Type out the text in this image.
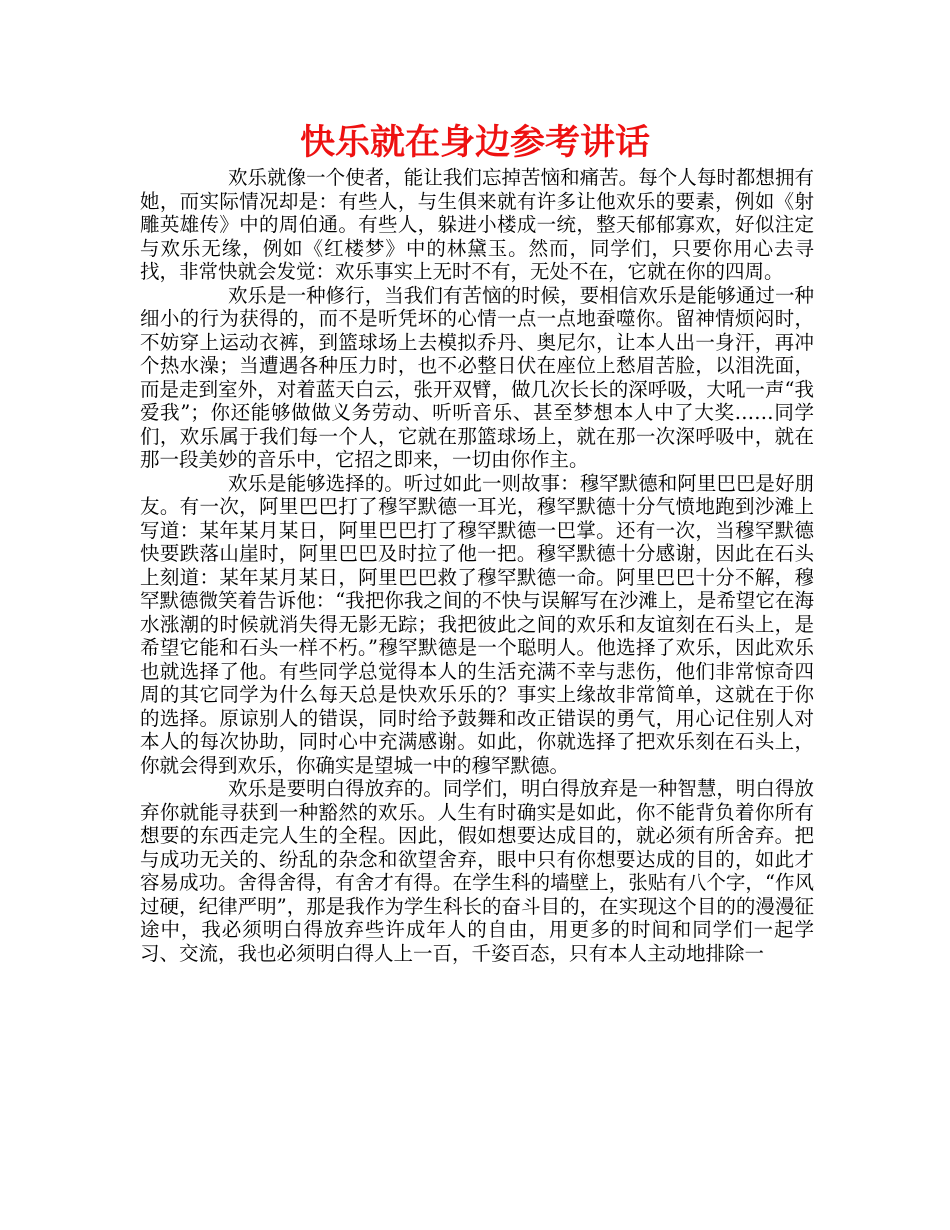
快乐就在身边参考讲话

欢乐就像一个使者，能让我们忘掉苦恼和痛苦。每个人每时都想拥有她，而实际情况却是：有些人，与生俱来就有许多让他欢乐的要素，例如《射雕英雄传》中的周伯通。有些人，躲进小楼成一统，整天郁郁寡欢，好似注定与欢乐无缘，例如《红楼梦》中的林黛玉。然而，同学们，只要你用心去寻找，非常快就会发觉：欢乐事实上无时不有，无处不在，它就在你的四周。

欢乐是一种修行，当我们有苦恼的时候，要相信欢乐是能够通过一种细小的行为获得的，而不是听凭坏的心情一点一点地蚕噬你。留神情烦闷时，不妨穿上运动衣裤，到篮球场上去模拟乔丹、奥尼尔，让本人出一身汗，再冲个热水澡；当遭遇各种压力时，也不必整日伏在座位上愁眉苦脸，以泪洗面，而是走到室外，对着蓝天白云，张开双臂，做几次长长的深呼吸，大吼一声“我爱我”；你还能够做做义务劳动、听听音乐、甚至梦想本人中了大奖……同学们，欢乐属于我们每一个人，它就在那篮球场上，就在那一次深呼吸中，就在那一段美妙的音乐中，它招之即来，一切由你作主。

欢乐是能够选择的。听过如此一则故事：穆罕默德和阿里巴巴是好朋友。有一次，阿里巴巴打了穆罕默德一耳光，穆罕默德十分气愤地跑到沙滩上写道：某年某月某日，阿里巴巴打了穆罕默德一巴掌。还有一次，当穆罕默德快要跌落山崖时，阿里巴巴及时拉了他一把。穆罕默德十分感谢，因此在石头上刻道：某年某月某日，阿里巴巴救了穆罕默德一命。阿里巴巴十分不解，穆罕默德微笑着告诉他：“我把你我之间的不快与误解写在沙滩上，是希望它在海水涨潮的时候就消失得无影无踪；我把彼此之间的欢乐和友谊刻在石头上，是希望它能和石头一样不朽。”穆罕默德是一个聪明人。他选择了欢乐，因此欢乐也就选择了他。有些同学总觉得本人的生活充满不幸与悲伤，他们非常惊奇四周的其它同学为什么每天总是快欢乐乐的？事实上缘故非常简单，这就在于你的选择。原谅别人的错误，同时给予鼓舞和改正错误的勇气，用心记住别人对本人的每次协助，同时心中充满感谢。如此，你就选择了把欢乐刻在石头上，你就会得到欢乐，你确实是望城一中的穆罕默德。

欢乐是要明白得放弃的。同学们，明白得放弃是一种智慧，明白得放弃你就能寻获到一种豁然的欢乐。人生有时确实是如此，你不能背负着你所有想要的东西走完人生的全程。因此，假如想要达成目的，就必须有所舍弃。把与成功无关的、纷乱的杂念和欲望舍弃，眼中只有你想要达成的目的，如此才容易成功。舍得舍得，有舍才有得。在学生科的墙壁上，张贴有八个字，“作风过硬，纪律严明”，那是我作为学生科长的奋斗目的，在实现这个目的的漫漫征途中，我必须明白得放弃些许成年人的自由，用更多的时间和同学们一起学习、交流，我也必须明白得人上一百，千姿百态，只有本人主动地排除一
